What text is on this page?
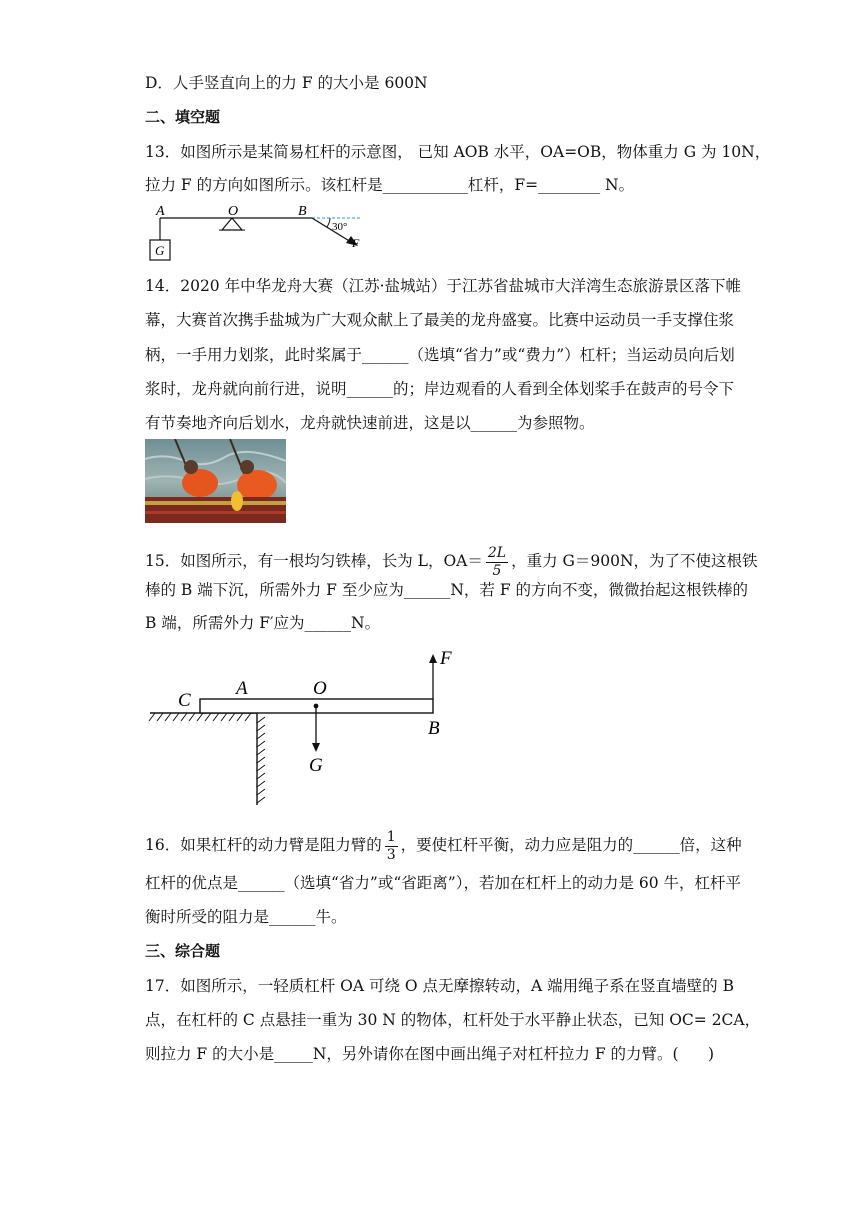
D．人手竖直向上的力 F 的大小是 600N
二、填空题
13．如图所示是某简易杠杆的示意图， 已知 AOB 水平，OA=OB，物体重力 G 为 10N，
拉力 F 的方向如图所示。该杠杆是___________杠杆，F=________ N。
A	O	B
G	F
30°
14．2020 年中华龙舟大赛（江苏·盐城站）于江苏省盐城市大洋湾生态旅游景区落下帷
幕，大赛首次携手盐城为广大观众献上了最美的龙舟盛宴。比赛中运动员一手支撑住浆
柄，一手用力划浆，此时桨属于______（选填“省力”或“费力”）杠杆；当运动员向后划
浆时，龙舟就向前行进，说明______的；岸边观看的人看到全体划桨手在鼓声的号令下
有节奏地齐向后划水，龙舟就快速前进，这是以______为参照物。
15．如图所示，有一根均匀铁棒，长为 L，$OA= \frac{2L}{5}$ ，重力 G＝900N，为了不使这根铁
棒的 B 端下沉，所需外力 F 至少应为______N，若 F 的方向不变，微微抬起这根铁棒的
B 端，所需外力 F′应为______N。
C
A	O
B
F
G
16．如果杠杆的动力臂是阻力臂的 $\frac{1}{3}$ ，要使杠杆平衡，动力应是阻力的______倍，这种
杠杆的优点是______（选填“省力”或“省距离”），若加在杠杆上的动力是 60 牛，杠杆平
衡时所受的阻力是______牛。
三、综合题
17．如图所示，一轻质杠杆 OA 可绕 O 点无摩擦转动，A 端用绳子系在竖直墙壁的 B
点，在杠杆的 C 点悬挂一重为 30 N 的物体，杠杆处于水平静止状态，已知 OC= 2CA，
则拉力 F 的大小是_____N，另外请你在图中画出绳子对杠杆拉力 F 的力臂。( )
